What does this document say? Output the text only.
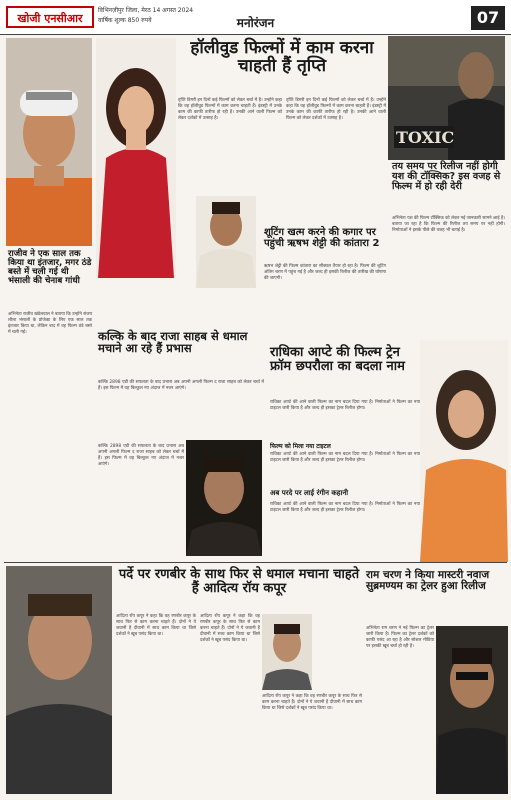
खोजी एनसीआर
विभिनज़ीपुर जिला, मेरठ 14 अगस्त 2024
वार्षिक शुल्क 850 रुपये	मनोरंजन	07
हॉलीवुड फिल्मों में काम करना चाहती हैं तृप्ति
तृप्ति डिमरी इन दिनों कई फिल्मों को लेकर चर्चा में है। उन्होंने कहा कि वह हॉलीवुड फिल्मों में काम करना चाहती हैं। इंडस्ट्री में उनके काम की काफी तारीफ हो रही है। उनकी आने वाली फिल्म को लेकर दर्शकों में उत्साह है।
तृप्ति डिमरी इन दिनों कई फिल्मों को लेकर चर्चा में है। उन्होंने कहा कि वह हॉलीवुड फिल्मों में काम करना चाहती हैं। इंडस्ट्री में उनके काम की काफी तारीफ हो रही है। उनकी आने वाली फिल्म को लेकर दर्शकों में उत्साह है।
TOXIC
तय समय पर रिलीज नहीं होगी यश की टॉक्सिक? इस वजह से फिल्म में हो रही देरी
अभिनेता यश की फिल्म टॉक्सिक को लेकर नई जानकारी सामने आई है। बताया जा रहा है कि फिल्म की रिलीज तय समय पर नहीं होगी। निर्माताओं ने इसके पीछे की वजह भी बताई है।
शूटिंग खत्म करने की कगार पर पहुंची ऋषभ शेट्टी की कांतारा 2
ऋषभ शेट्टी की फिल्म कांतारा का सीक्वल तैयार हो रहा है। फिल्म की शूटिंग अंतिम चरण में पहुंच गई है और जल्द ही इसकी रिलीज की तारीख की घोषणा की जाएगी।
राजीव ने एक साल तक किया था इंतजार, मगर ठंडे बस्ते में चली गई थी भंसाली की चेनाब गांधी
अभिनेता राजीव खंडेलवाल ने बताया कि उन्होंने संजय लीला भंसाली के प्रोजेक्ट के लिए एक साल तक इंतजार किया था, लेकिन बाद में वह फिल्म ठंडे बस्ते में चली गई।	कल्कि के बाद राजा साहब से धमाल मचाने आ रहे हैं प्रभास
कल्कि 2898 एडी की सफलता के बाद प्रभास अब अपनी अगली फिल्म द राजा साहब को लेकर चर्चा में हैं। इस फिल्म में वह बिल्कुल नए अंदाज में नजर आएंगे।
कल्कि 2898 एडी की सफलता के बाद प्रभास अब अपनी अगली फिल्म द राजा साहब को लेकर चर्चा में हैं। इस फिल्म में वह बिल्कुल नए अंदाज में नजर आएंगे।
राधिका आप्टे की फिल्म ट्रेन फ्रॉम छपरौला का बदला नाम
राधिका आप्टे की आने वाली फिल्म का नाम बदल दिया गया है। निर्माताओं ने फिल्म का नया टाइटल जारी किया है और जल्द ही इसका ट्रेलर रिलीज होगा।
फिल्म को मिला नया टाइटल
राधिका आप्टे की आने वाली फिल्म का नाम बदल दिया गया है। निर्माताओं ने फिल्म का नया टाइटल जारी किया है और जल्द ही इसका ट्रेलर रिलीज होगा।
अब परदे पर लाई रंगीन कहानी
राधिका आप्टे की आने वाली फिल्म का नाम बदल दिया गया है। निर्माताओं ने फिल्म का नया टाइटल जारी किया है और जल्द ही इसका ट्रेलर रिलीज होगा।
पर्दे पर रणबीर के साथ फिर से धमाल मचाना चाहते हैं आदित्य रॉय कपूर
आदित्य रॉय कपूर ने कहा कि वह रणबीर कपूर के साथ फिर से काम करना चाहते हैं। दोनों ने ये जवानी है दीवानी में साथ काम किया था जिसे दर्शकों ने खूब पसंद किया था।
आदित्य रॉय कपूर ने कहा कि वह रणबीर कपूर के साथ फिर से काम करना चाहते हैं। दोनों ने ये जवानी है दीवानी में साथ काम किया था जिसे दर्शकों ने खूब पसंद किया था।
आदित्य रॉय कपूर ने कहा कि वह रणबीर कपूर के साथ फिर से काम करना चाहते हैं। दोनों ने ये जवानी है दीवानी में साथ काम किया था जिसे दर्शकों ने खूब पसंद किया था।
राम चरण ने किया मास्टरी नवाज सुब्रमण्यम का ट्रेलर हुआ रिलीज
अभिनेता राम चरण ने नई फिल्म का ट्रेलर जारी किया है। फिल्म का ट्रेलर दर्शकों को काफी पसंद आ रहा है और सोशल मीडिया पर इसकी खूब चर्चा हो रही है।
